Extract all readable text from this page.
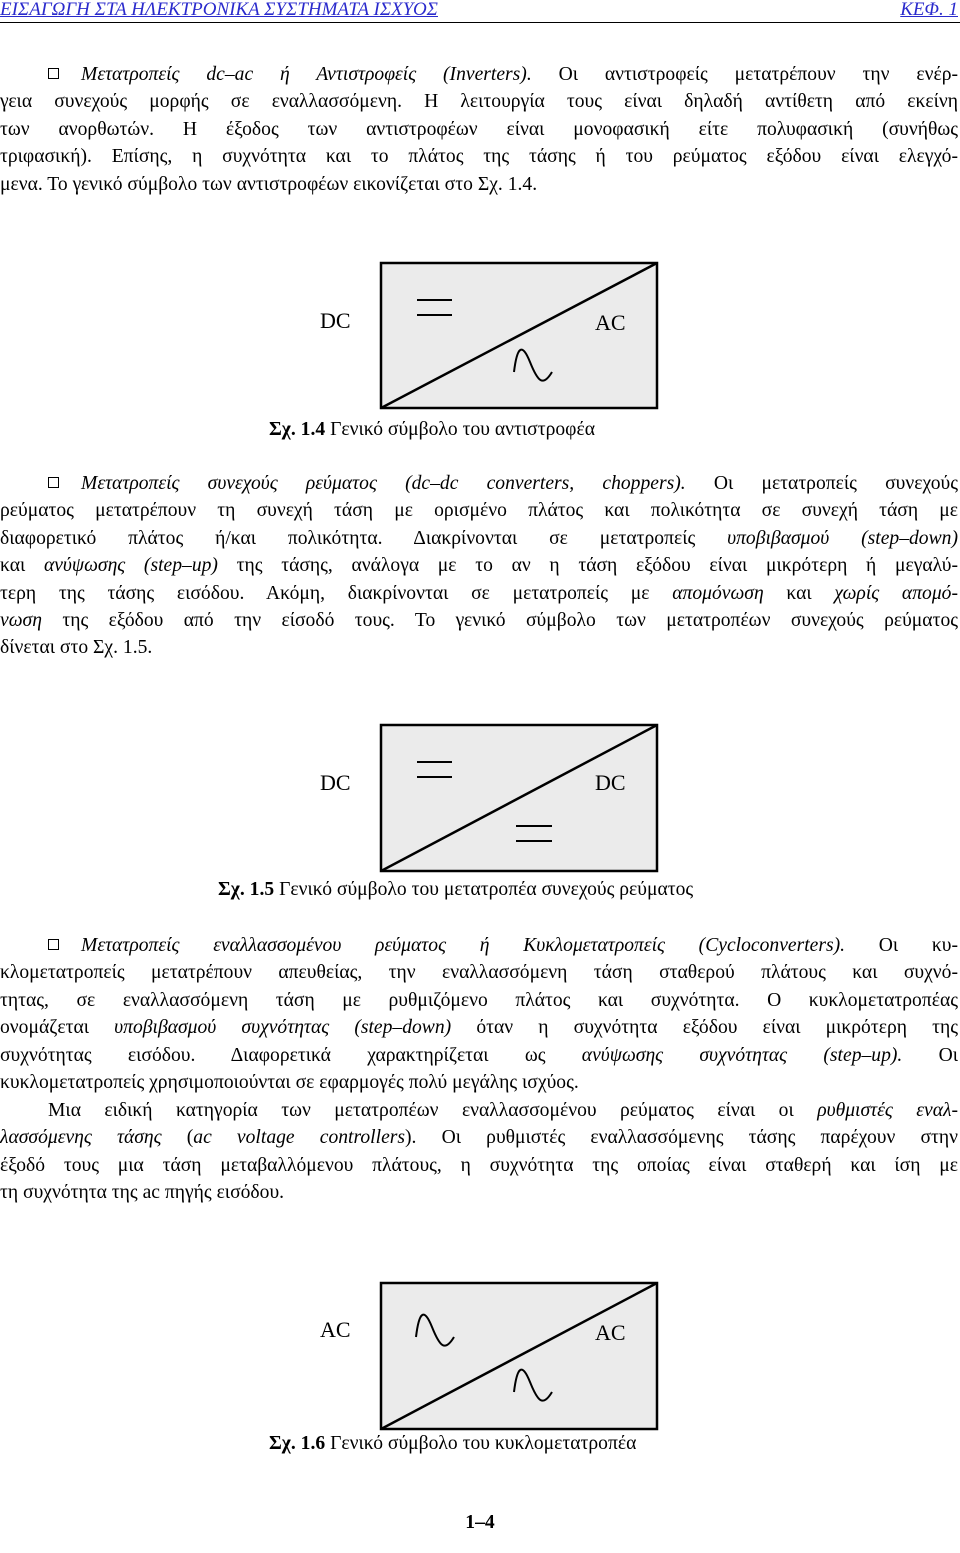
ΕΙΣΑΓΩΓΗ ΣΤΑ ΗΛΕΚΤΡΟΝΙΚΑ ΣΥΣΤΗΜΑΤΑ ΙΣΧΥΟΣ	ΚΕΦ. 1
Μετατροπείς dc–ac ή Αντιστροφείς (Inverters). Οι αντιστροφείς μετατρέπουν την ενέρ-
γεια συνεχούς μορφής σε εναλλασσόμενη. Η λειτουργία τους είναι δηλαδή αντίθετη από εκείνη
των ανορθωτών. Η έξοδος των αντιστροφέων είναι μονοφασική είτε πολυφασική (συνήθως
τριφασική). Επίσης, η συχνότητα και το πλάτος της τάσης ή του ρεύματος εξόδου είναι ελεγχό-
μενα. Το γενικό σύμβολο των αντιστροφέων εικονίζεται στο Σχ. 1.4.
DC	AC
Σχ. 1.4 Γενικό σύμβολο του αντιστροφέα
Μετατροπείς συνεχούς ρεύματος (dc–dc converters, choppers). Οι μετατροπείς συνεχούς
ρεύματος μετατρέπουν τη συνεχή τάση με ορισμένο πλάτος και πολικότητα σε συνεχή τάση με
διαφορετικό πλάτος ή/και πολικότητα. Διακρίνονται σε μετατροπείς υποβιβασμού (step–down)
και ανύψωσης (step–up) της τάσης, ανάλογα με το αν η τάση εξόδου είναι μικρότερη ή μεγαλύ-
τερη της τάσης εισόδου. Ακόμη, διακρίνονται σε μετατροπείς με απομόνωση και χωρίς απομό-
νωση της εξόδου από την είσοδό τους. Το γενικό σύμβολο των μετατροπέων συνεχούς ρεύματος
δίνεται στο Σχ. 1.5.
DC	DC
Σχ. 1.5 Γενικό σύμβολο του μετατροπέα συνεχούς ρεύματος
Μετατροπείς εναλλασσομένου ρεύματος ή Κυκλομετατροπείς (Cycloconverters). Οι κυ-
κλομετατροπείς μετατρέπουν απευθείας, την εναλλασσόμενη τάση σταθερού πλάτους και συχνό-
τητας, σε εναλλασσόμενη τάση με ρυθμιζόμενο πλάτος και συχνότητα. Ο κυκλομετατροπέας
ονομάζεται υποβιβασμού συχνότητας (step–down) όταν η συχνότητα εξόδου είναι μικρότερη της
συχνότητας εισόδου. Διαφορετικά χαρακτηρίζεται ως ανύψωσης συχνότητας (step–up). Οι
κυκλομετατροπείς χρησιμοποιούνται σε εφαρμογές πολύ μεγάλης ισχύος.
Μια ειδική κατηγορία των μετατροπέων εναλλασσομένου ρεύματος είναι οι ρυθμιστές εναλ-
λασσόμενης τάσης (ac voltage controllers). Οι ρυθμιστές εναλλασσόμενης τάσης παρέχουν στην
έξοδό τους μια τάση μεταβαλλόμενου πλάτους, η συχνότητα της οποίας είναι σταθερή και ίση με
τη συχνότητα της ac πηγής εισόδου.
AC	AC
Σχ. 1.6 Γενικό σύμβολο του κυκλομετατροπέα
1–4
